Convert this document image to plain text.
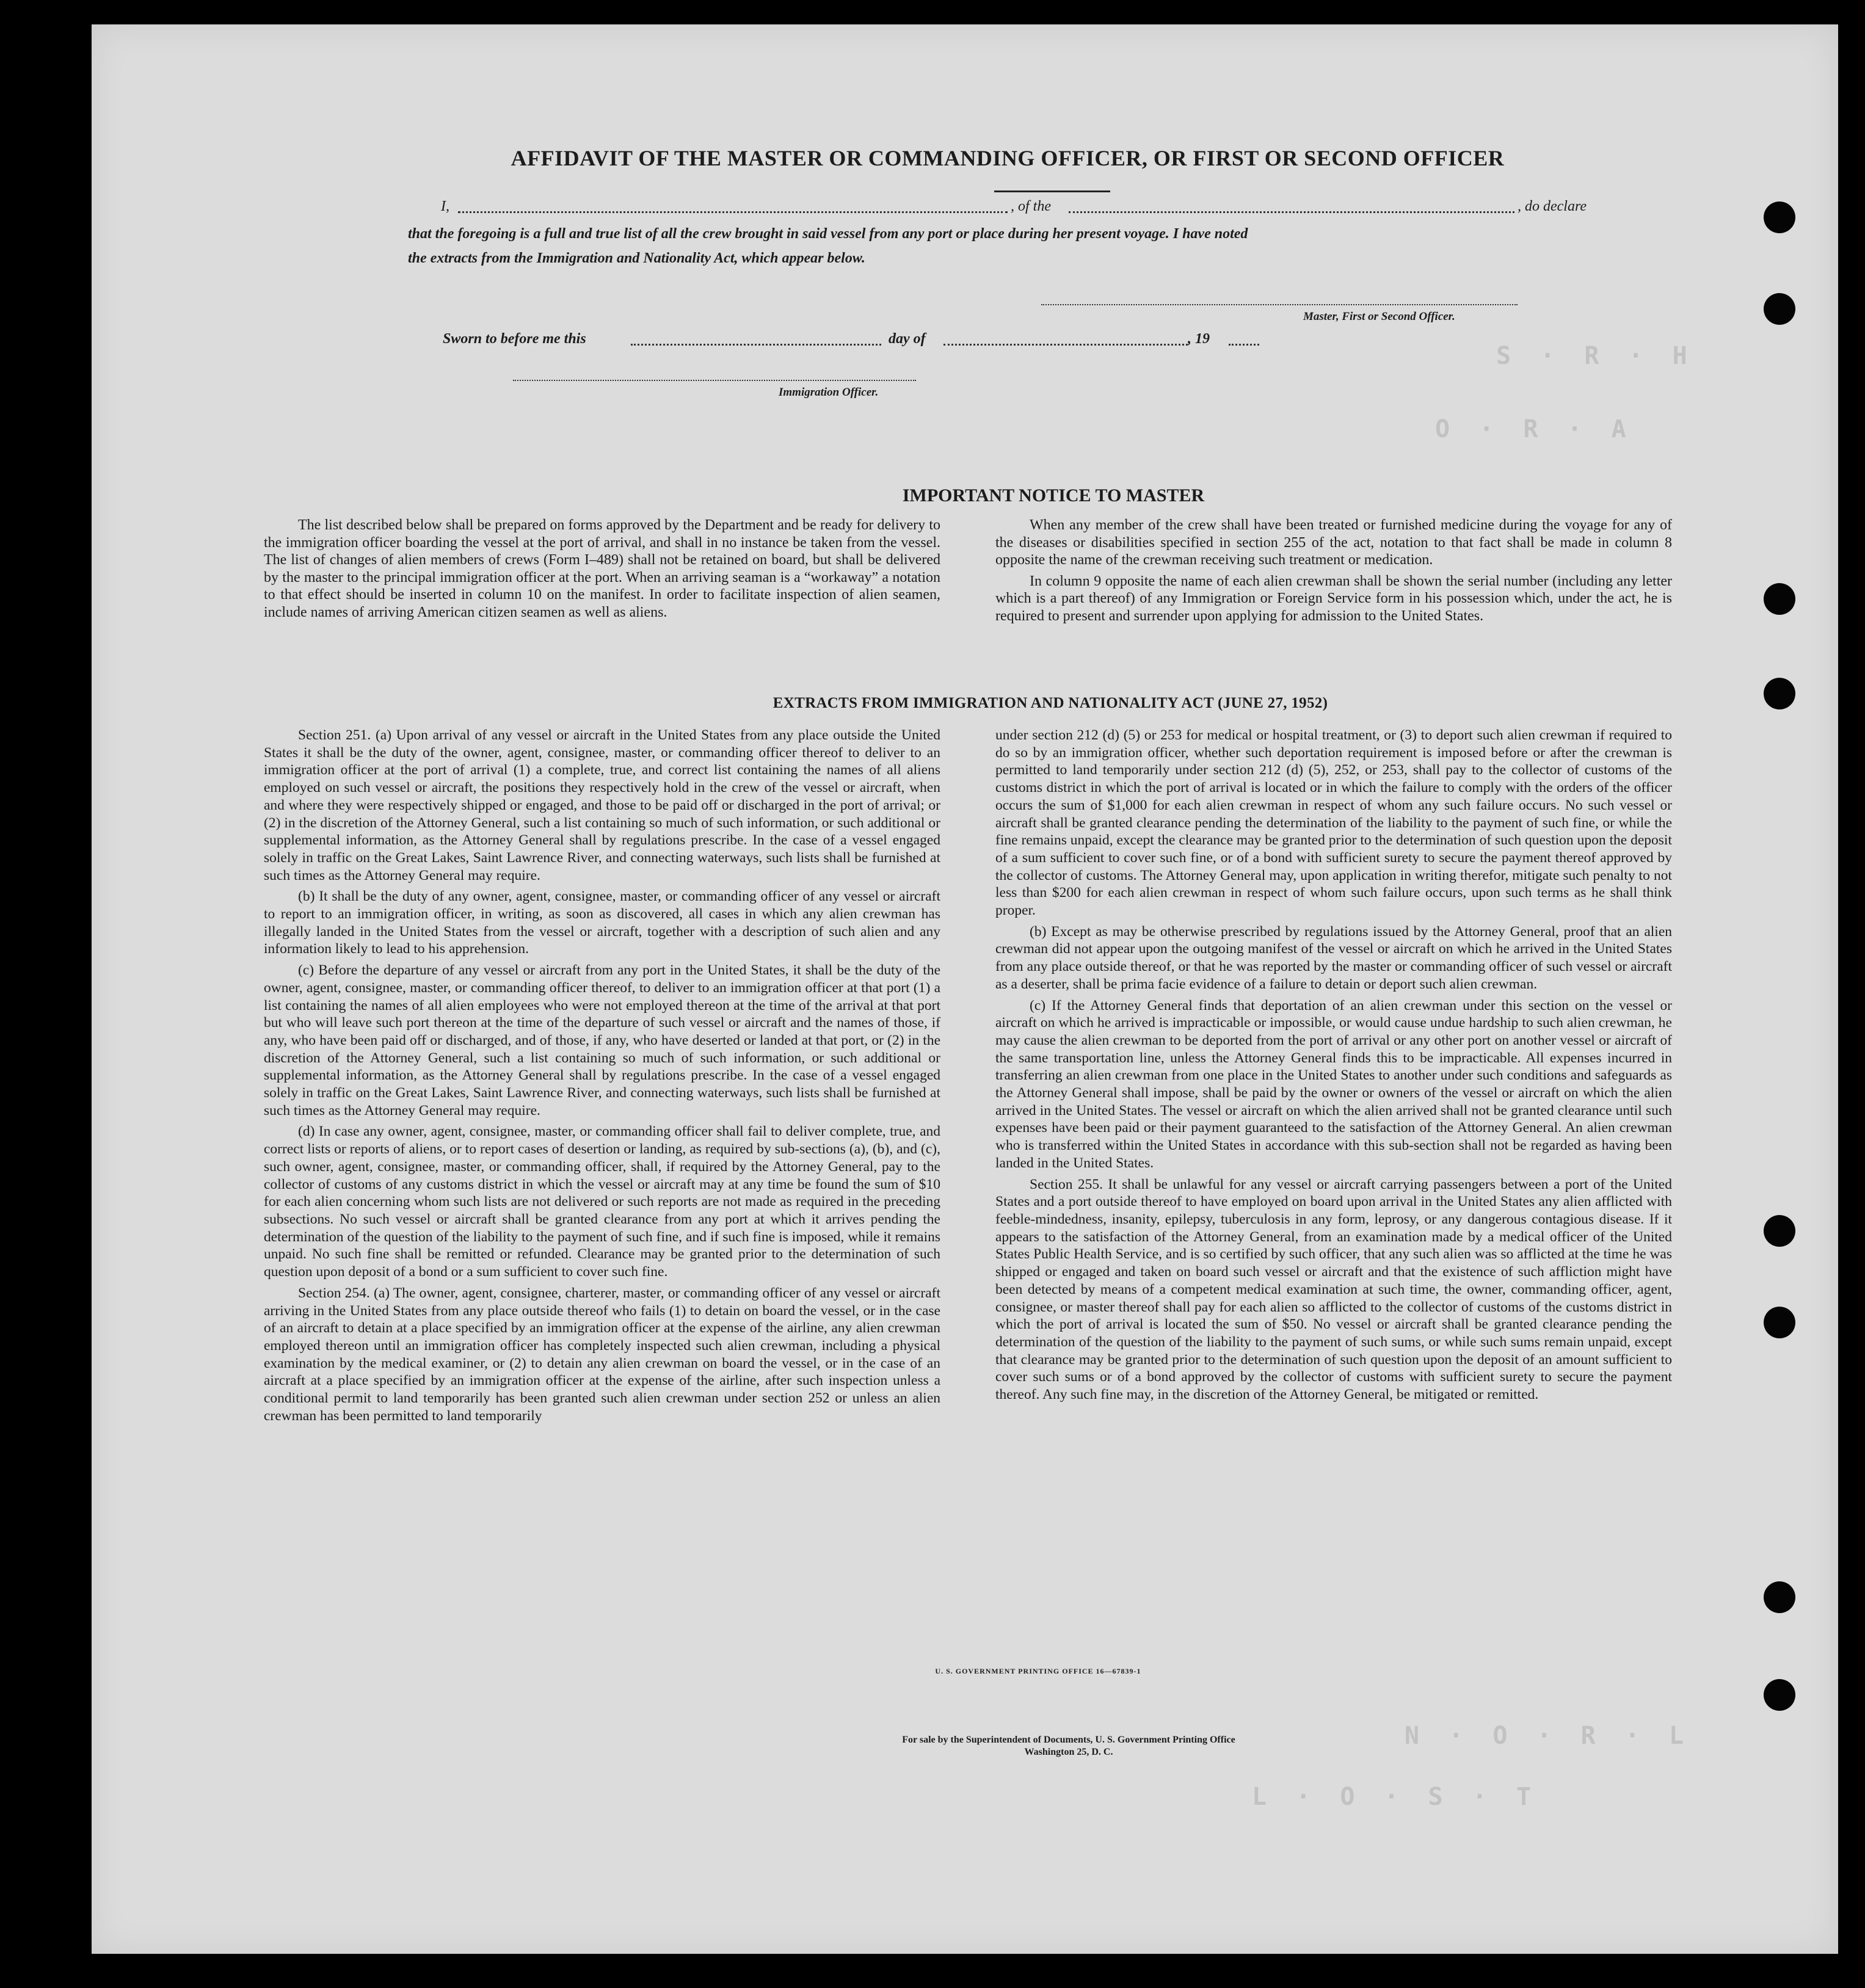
S · R · H
O · R · A
N · O · R · L
L · O · S · T
AFFIDAVIT OF THE MASTER OR COMMANDING OFFICER, OR FIRST OR SECOND OFFICER
I,	, of the	, do declare
that the foregoing is a full and true list of all the crew brought in said vessel from any port or place during her present voyage. I have noted
the extracts from the Immigration and Nationality Act, which appear below.
Master, First or Second Officer.
Sworn to before me this	day of	, 19
Immigration Officer.
IMPORTANT NOTICE TO MASTER

The list described below shall be prepared on forms approved by the Department and be ready for delivery to the immigration officer boarding the vessel at the port of arrival, and shall in no instance be taken from the vessel. The list of changes of alien members of crews (Form I–489) shall not be retained on board, but shall be delivered by the master to the principal immigration officer at the port. When an arriving seaman is a “workaway” a notation to that effect should be inserted in column 10 on the manifest. In order to facilitate inspection of alien seamen, include names of arriving American citizen seamen as well as aliens.

When any member of the crew shall have been treated or furnished medicine during the voyage for any of the diseases or disabilities specified in section 255 of the act, notation to that fact shall be made in column 8 opposite the name of the crewman receiving such treatment or medication.

In column 9 opposite the name of each alien crewman shall be shown the serial number (including any letter which is a part thereof) of any Immigration or Foreign Service form in his possession which, under the act, he is required to present and surrender upon applying for admission to the United States.

EXTRACTS FROM IMMIGRATION AND NATIONALITY ACT (JUNE 27, 1952)

Section 251. (a) Upon arrival of any vessel or aircraft in the United States from any place outside the United States it shall be the duty of the owner, agent, consignee, master, or commanding officer thereof to deliver to an immigration officer at the port of arrival (1) a complete, true, and correct list containing the names of all aliens employed on such vessel or aircraft, the positions they respectively hold in the crew of the vessel or aircraft, when and where they were respectively shipped or engaged, and those to be paid off or discharged in the port of arrival; or (2) in the discretion of the Attorney General, such a list containing so much of such information, or such additional or supplemental information, as the Attorney General shall by regulations prescribe. In the case of a vessel engaged solely in traffic on the Great Lakes, Saint Lawrence River, and connecting waterways, such lists shall be furnished at such times as the Attorney General may require.

(b) It shall be the duty of any owner, agent, consignee, master, or commanding officer of any vessel or aircraft to report to an immigration officer, in writing, as soon as discovered, all cases in which any alien crewman has illegally landed in the United States from the vessel or aircraft, together with a description of such alien and any information likely to lead to his apprehension.

(c) Before the departure of any vessel or aircraft from any port in the United States, it shall be the duty of the owner, agent, consignee, master, or commanding officer thereof, to deliver to an immigration officer at that port (1) a list containing the names of all alien employees who were not employed thereon at the time of the arrival at that port but who will leave such port thereon at the time of the departure of such vessel or aircraft and the names of those, if any, who have been paid off or discharged, and of those, if any, who have deserted or landed at that port, or (2) in the discretion of the Attorney General, such a list containing so much of such information, or such additional or supplemental information, as the Attorney General shall by regulations prescribe. In the case of a vessel engaged solely in traffic on the Great Lakes, Saint Lawrence River, and connecting waterways, such lists shall be furnished at such times as the Attorney General may require.

(d) In case any owner, agent, consignee, master, or commanding officer shall fail to deliver complete, true, and correct lists or reports of aliens, or to report cases of desertion or landing, as required by sub-sections (a), (b), and (c), such owner, agent, consignee, master, or commanding officer, shall, if required by the Attorney General, pay to the collector of customs of any customs district in which the vessel or aircraft may at any time be found the sum of $10 for each alien concerning whom such lists are not delivered or such reports are not made as required in the preceding subsections. No such vessel or aircraft shall be granted clearance from any port at which it arrives pending the determination of the question of the liability to the payment of such fine, and if such fine is imposed, while it remains unpaid. No such fine shall be remitted or refunded. Clearance may be granted prior to the determination of such question upon deposit of a bond or a sum sufficient to cover such fine.

Section 254. (a) The owner, agent, consignee, charterer, master, or commanding officer of any vessel or aircraft arriving in the United States from any place outside thereof who fails (1) to detain on board the vessel, or in the case of an aircraft to detain at a place specified by an immigration officer at the expense of the airline, any alien crewman employed thereon until an immigration officer has completely inspected such alien crewman, including a physical examination by the medical examiner, or (2) to detain any alien crewman on board the vessel, or in the case of an aircraft at a place specified by an immigration officer at the expense of the airline, after such inspection unless a conditional permit to land temporarily has been granted such alien crewman under section 252 or unless an alien crewman has been permitted to land temporarily

under section 212 (d) (5) or 253 for medical or hospital treatment, or (3) to deport such alien crewman if required to do so by an immigration officer, whether such deportation requirement is imposed before or after the crewman is permitted to land temporarily under section 212 (d) (5), 252, or 253, shall pay to the collector of customs of the customs district in which the port of arrival is located or in which the failure to comply with the orders of the officer occurs the sum of $1,000 for each alien crewman in respect of whom any such failure occurs. No such vessel or aircraft shall be granted clearance pending the determination of the liability to the payment of such fine, or while the fine remains unpaid, except the clearance may be granted prior to the determination of such question upon the deposit of a sum sufficient to cover such fine, or of a bond with sufficient surety to secure the payment thereof approved by the collector of customs. The Attorney General may, upon application in writing therefor, mitigate such penalty to not less than $200 for each alien crewman in respect of whom such failure occurs, upon such terms as he shall think proper.

(b) Except as may be otherwise prescribed by regulations issued by the Attorney General, proof that an alien crewman did not appear upon the outgoing manifest of the vessel or aircraft on which he arrived in the United States from any place outside thereof, or that he was reported by the master or commanding officer of such vessel or aircraft as a deserter, shall be prima facie evidence of a failure to detain or deport such alien crewman.

(c) If the Attorney General finds that deportation of an alien crewman under this section on the vessel or aircraft on which he arrived is impracticable or impossible, or would cause undue hardship to such alien crewman, he may cause the alien crewman to be deported from the port of arrival or any other port on another vessel or aircraft of the same transportation line, unless the Attorney General finds this to be impracticable. All expenses incurred in transferring an alien crewman from one place in the United States to another under such conditions and safeguards as the Attorney General shall impose, shall be paid by the owner or owners of the vessel or aircraft on which the alien arrived in the United States. The vessel or aircraft on which the alien arrived shall not be granted clearance until such expenses have been paid or their payment guaranteed to the satisfaction of the Attorney General. An alien crewman who is transferred within the United States in accordance with this sub-section shall not be regarded as having been landed in the United States.

Section 255. It shall be unlawful for any vessel or aircraft carrying passengers between a port of the United States and a port outside thereof to have employed on board upon arrival in the United States any alien afflicted with feeble-mindedness, insanity, epilepsy, tuberculosis in any form, leprosy, or any dangerous contagious disease. If it appears to the satisfaction of the Attorney General, from an examination made by a medical officer of the United States Public Health Service, and is so certified by such officer, that any such alien was so afflicted at the time he was shipped or engaged and taken on board such vessel or aircraft and that the existence of such affliction might have been detected by means of a competent medical examination at such time, the owner, commanding officer, agent, consignee, or master thereof shall pay for each alien so afflicted to the collector of customs of the customs district in which the port of arrival is located the sum of $50. No vessel or aircraft shall be granted clearance pending the determination of the question of the liability to the payment of such sums, or while such sums remain unpaid, except that clearance may be granted prior to the determination of such question upon the deposit of an amount sufficient to cover such sums or of a bond approved by the collector of customs with sufficient surety to secure the payment thereof. Any such fine may, in the discretion of the Attorney General, be mitigated or remitted.

U. S. GOVERNMENT PRINTING OFFICE 16—67839-1
For sale by the Superintendent of Documents, U. S. Government Printing Office
Washington 25, D. C.
